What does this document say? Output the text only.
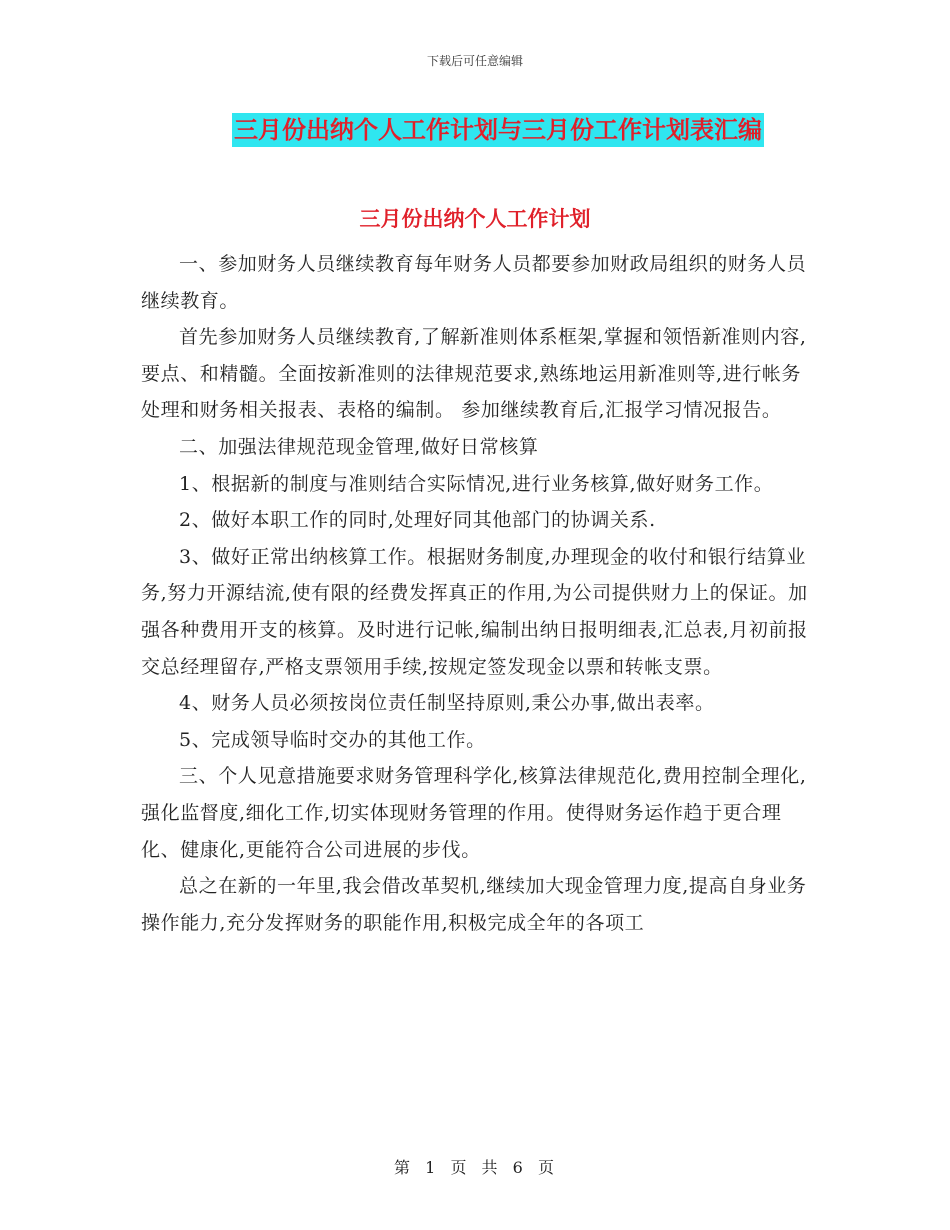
下载后可任意编辑
三月份出纳个人工作计划与三月份工作计划表汇编
三月份出纳个人工作计划

一、参加财务人员继续教育每年财务人员都要参加财政局组织的财务人员继续教育。

首先参加财务人员继续教育,了解新准则体系框架,掌握和领悟新准则内容,要点、和精髓。全面按新准则的法律规范要求,熟练地运用新准则等,进行帐务处理和财务相关报表、表格的编制。 参加继续教育后,汇报学习情况报告。

二、加强法律规范现金管理,做好日常核算

1、根据新的制度与准则结合实际情况,进行业务核算,做好财务工作。

2、做好本职工作的同时,处理好同其他部门的协调关系.

3、做好正常出纳核算工作。根据财务制度,办理现金的收付和银行结算业务,努力开源结流,使有限的经费发挥真正的作用,为公司提供财力上的保证。加强各种费用开支的核算。及时进行记帐,编制出纳日报明细表,汇总表,月初前报交总经理留存,严格支票领用手续,按规定签发现金以票和转帐支票。

4、财务人员必须按岗位责任制坚持原则,秉公办事,做出表率。

5、完成领导临时交办的其他工作。

三、个人见意措施要求财务管理科学化,核算法律规范化,费用控制全理化,强化监督度,细化工作,切实体现财务管理的作用。使得财务运作趋于更合理化、健康化,更能符合公司进展的步伐。

总之在新的一年里,我会借改革契机,继续加大现金管理力度,提高自身业务操作能力,充分发挥财务的职能作用,积极完成全年的各项工

第 1 页 共 6 页
